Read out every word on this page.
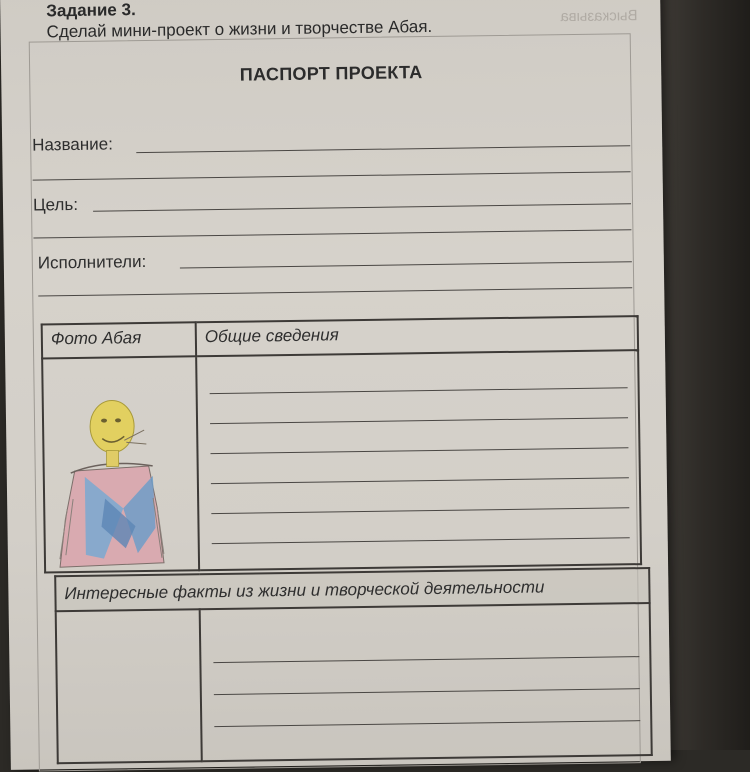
Задание 3.
Сделай мини-проект о жизни и творчестве Абая.
Высказыва
ПАСПОРТ ПРОЕКТА
Название:
Цель:
Исполнители:
Фото Абая	Общие сведения

Интересные факты из жизни и творческой деятельности
